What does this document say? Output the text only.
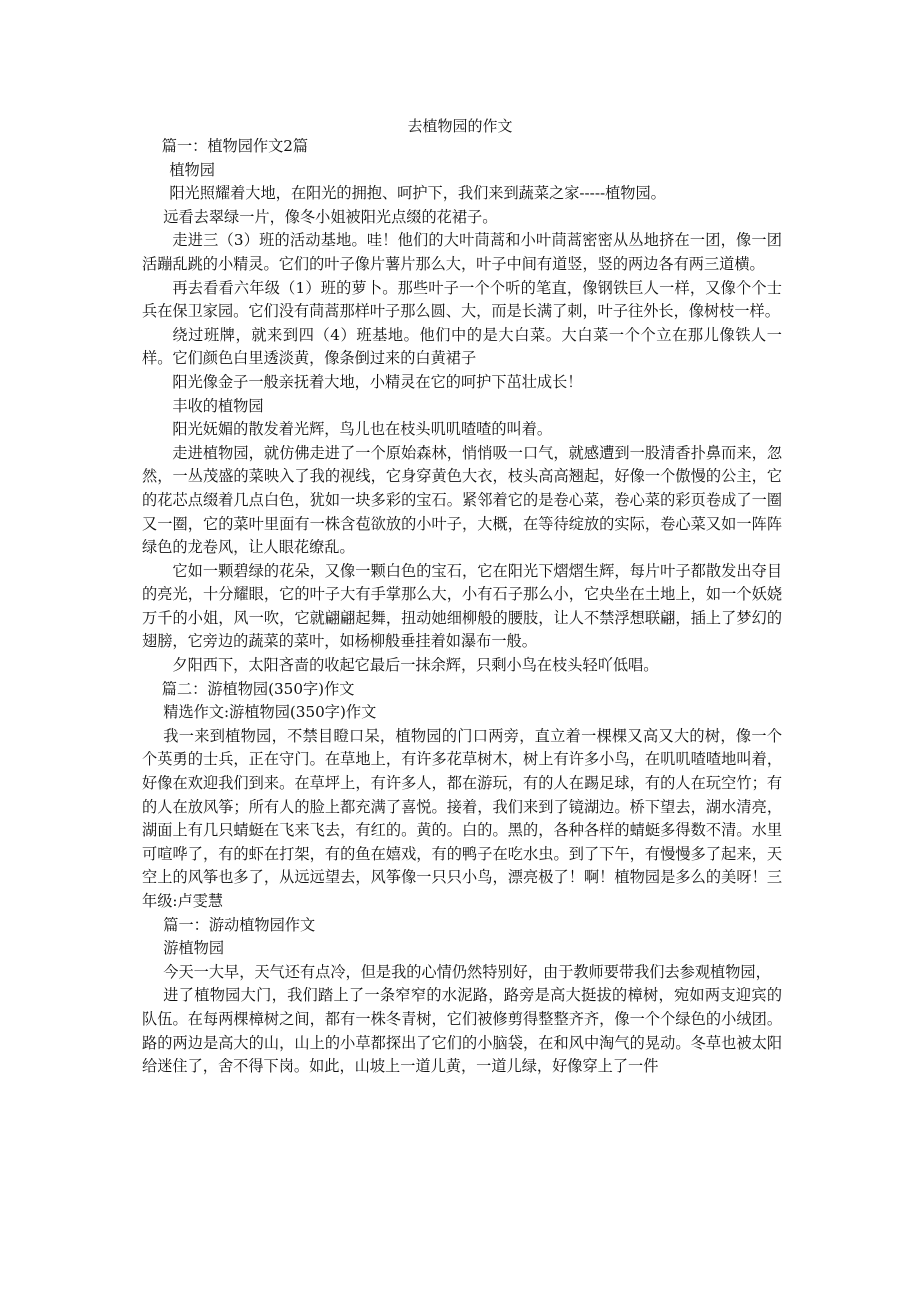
去植物园的作文

篇一：植物园作文2篇

植物园

阳光照耀着大地，在阳光的拥抱、呵护下，我们来到蔬菜之家-----植物园。

远看去翠绿一片，像冬小姐被阳光点缀的花裙子。

走进三（3）班的活动基地。哇！他们的大叶茼蒿和小叶茼蒿密密从丛地挤在一团，像一团活蹦乱跳的小精灵。它们的叶子像片薯片那么大，叶子中间有道竖，竖的两边各有两三道横。

再去看看六年级（1）班的萝卜。那些叶子一个个听的笔直，像钢铁巨人一样，又像个个士兵在保卫家园。它们没有茼蒿那样叶子那么圆、大，而是长满了刺，叶子往外长，像树枝一样。

绕过班牌，就来到四（4）班基地。他们中的是大白菜。大白菜一个个立在那儿像铁人一样。它们颜色白里透淡黄，像条倒过来的白黄裙子

阳光像金子一般亲抚着大地，小精灵在它的呵护下茁壮成长！

丰收的植物园

阳光妩媚的散发着光辉，鸟儿也在枝头叽叽喳喳的叫着。

走进植物园，就仿佛走进了一个原始森林，悄悄吸一口气，就感遭到一股清香扑鼻而来，忽然，一丛茂盛的菜映入了我的视线，它身穿黄色大衣，枝头高高翘起，好像一个傲慢的公主，它的花芯点缀着几点白色，犹如一块多彩的宝石。紧邻着它的是卷心菜，卷心菜的彩页卷成了一圈又一圈，它的菜叶里面有一株含苞欲放的小叶子，大概，在等待绽放的实际，卷心菜又如一阵阵绿色的龙卷风，让人眼花缭乱。

它如一颗碧绿的花朵，又像一颗白色的宝石，它在阳光下熠熠生辉，每片叶子都散发出夺目的亮光，十分耀眼，它的叶子大有手掌那么大，小有石子那么小，它央坐在土地上，如一个妖娆万千的小姐，风一吹，它就翩翩起舞，扭动她细柳般的腰肢，让人不禁浮想联翩，插上了梦幻的翅膀，它旁边的蔬菜的菜叶，如杨柳般垂挂着如瀑布一般。

夕阳西下，太阳吝啬的收起它最后一抹余辉，只剩小鸟在枝头轻吖低唱。

篇二：游植物园(350字)作文

精选作文:游植物园(350字)作文

我一来到植物园，不禁目瞪口呆，植物园的门口两旁，直立着一棵棵又高又大的树，像一个个英勇的士兵，正在守门。在草地上，有许多花草树木，树上有许多小鸟，在叽叽喳喳地叫着，好像在欢迎我们到来。在草坪上，有许多人，都在游玩，有的人在踢足球，有的人在玩空竹；有的人在放风筝；所有人的脸上都充满了喜悦。接着，我们来到了镜湖边。桥下望去，湖水清亮，湖面上有几只蜻蜓在飞来飞去，有红的。黄的。白的。黑的，各种各样的蜻蜓多得数不清。水里可喧哗了，有的虾在打架，有的鱼在嬉戏，有的鸭子在吃水虫。到了下午，有慢慢多了起来，天空上的风筝也多了，从远远望去，风筝像一只只小鸟，漂亮极了！啊！植物园是多么的美呀！三年级:卢雯慧

篇一：游动植物园作文

游植物园

今天一大早，天气还有点冷，但是我的心情仍然特别好，由于教师要带我们去参观植物园，

进了植物园大门，我们踏上了一条窄窄的水泥路，路旁是高大挺拔的樟树，宛如两支迎宾的队伍。在每两棵樟树之间，都有一株冬青树，它们被修剪得整整齐齐，像一个个绿色的小绒团。路的两边是高大的山，山上的小草都探出了它们的小脑袋，在和风中淘气的晃动。冬草也被太阳给迷住了，舍不得下岗。如此，山坡上一道儿黄，一道儿绿，好像穿上了一件
